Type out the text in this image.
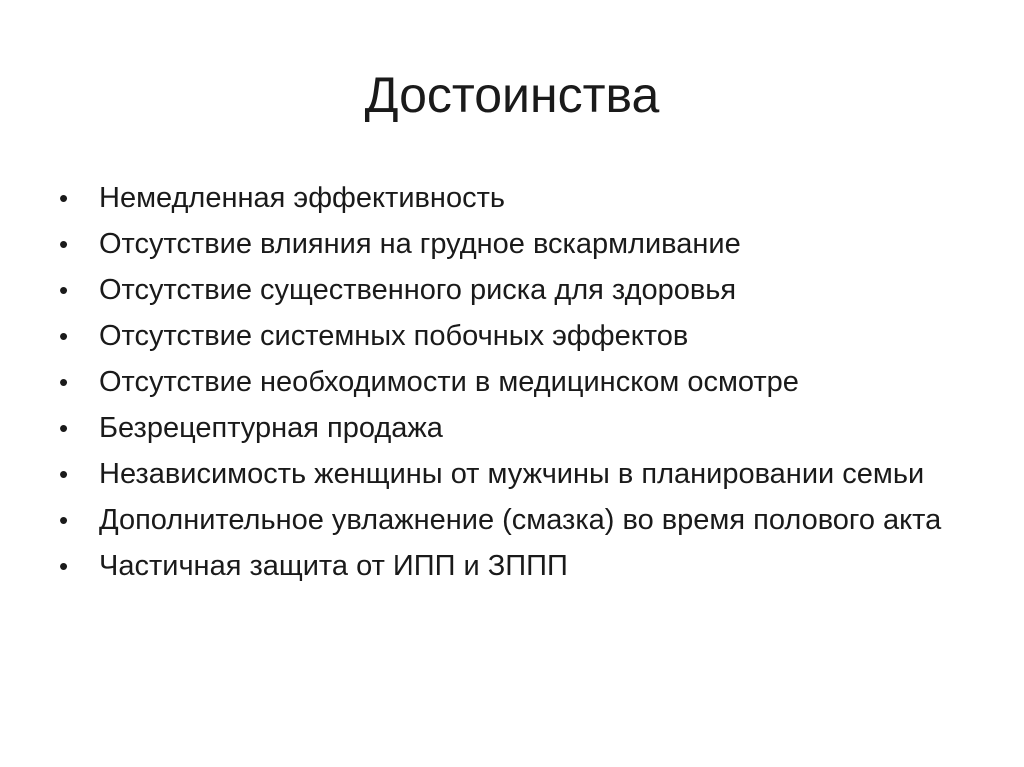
Достоинства
• Немедленная эффективность
• Отсутствие влияния на грудное вскармливание
• Отсутствие существенного риска для здоровья
• Отсутствие системных побочных эффектов
• Отсутствие необходимости в медицинском осмотре
• Безрецептурная продажа
• Независимость женщины от мужчины в планировании семьи
• Дополнительное увлажнение (смазка) во время полового акта
• Частичная защита от ИПП и ЗППП
